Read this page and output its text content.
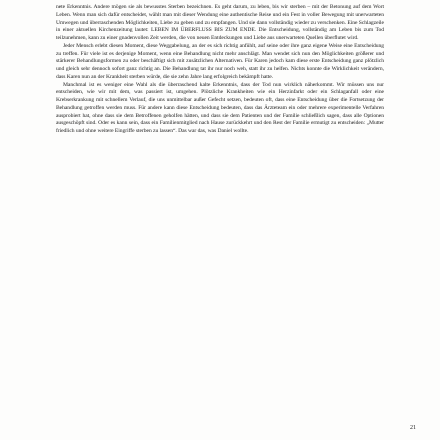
nete Erkenntnis. Andere mögen sie als bewusstes Sterben bezeichnen. Es geht darum, zu leben, bis wir sterben – mit der Betonung auf dem Wort Leben. Wenn man sich dafür entscheidet, wählt man mit dieser Wendung eine authentische Reise und ein Fest in voller Bewegung mit unerwarteten Umwegen und überraschenden Möglichkeiten, Liebe zu geben und zu empfangen. Und sie dann vollständig wieder zu verschenken. Eine Schlagzeile in einer aktuellen Kirchenzeitung lautet: LEBEN IM ÜBERFLUSS BIS ZUM ENDE. Die Entscheidung, vollständig am Leben bis zum Tod teilzunehmen, kann zu einer gnadenvollen Zeit werden, die von neuen Entdeckungen und Liebe aus unerwarteten Quellen überflutet wird.

Jeder Mensch erlebt diesen Moment, diese Weggabelung, an der es sich richtig anfühlt, auf seine oder ihre ganz eigene Weise eine Entscheidung zu treffen. Für viele ist es derjenige Moment, wenn eine Behandlung nicht mehr anschlägt. Man wendet sich nun den Möglichkeiten größerer und stärkerer Behandlungsformen zu oder beschäftigt sich mit zusätzlichen Alternativen. Für Karen jedoch kam diese erste Entscheidung ganz plötzlich und gleich sehr dennoch sofort ganz richtig an. Die Behandlung tat ihr nur noch weh, statt ihr zu helfen. Nichts konnte die Wirklichkeit verändern, dass Karen nun an der Krankheit sterben würde, die sie zehn Jahre lang erfolgreich bekämpft hatte.

Manchmal ist es weniger eine Wahl als die überraschend kalte Erkenntnis, dass der Tod nun wirklich näherkommt. Wir müssen uns nur entscheiden, wie wir mit dem, was passiert ist, umgehen. Plötzliche Krankheiten wie ein Herzinfarkt oder ein Schlaganfall oder eine Krebserkrankung mit schnellem Verlauf, die uns unmittelbar außer Gefecht setzen, bedeuten oft, dass eine Entscheidung über die Fortsetzung der Behandlung getroffen werden muss. Für andere kann diese Entscheidung bedeuten, dass das Ärzteteam ein oder mehrere experimentelle Verfahren ausprobiert hat, ohne dass sie dem Betroffenen geholfen hätten, und dass sie dem Patienten und der Familie schließlich sagen, dass alle Optionen ausgeschöpft sind. Oder es kann sein, dass ein Familienmitglied nach Hause zurückkehrt und den Rest der Familie ermutigt zu entscheiden: „Mutter friedlich und ohne weitere Eingriffe sterben zu lassen“. Das war das, was Daniel wollte.

21
